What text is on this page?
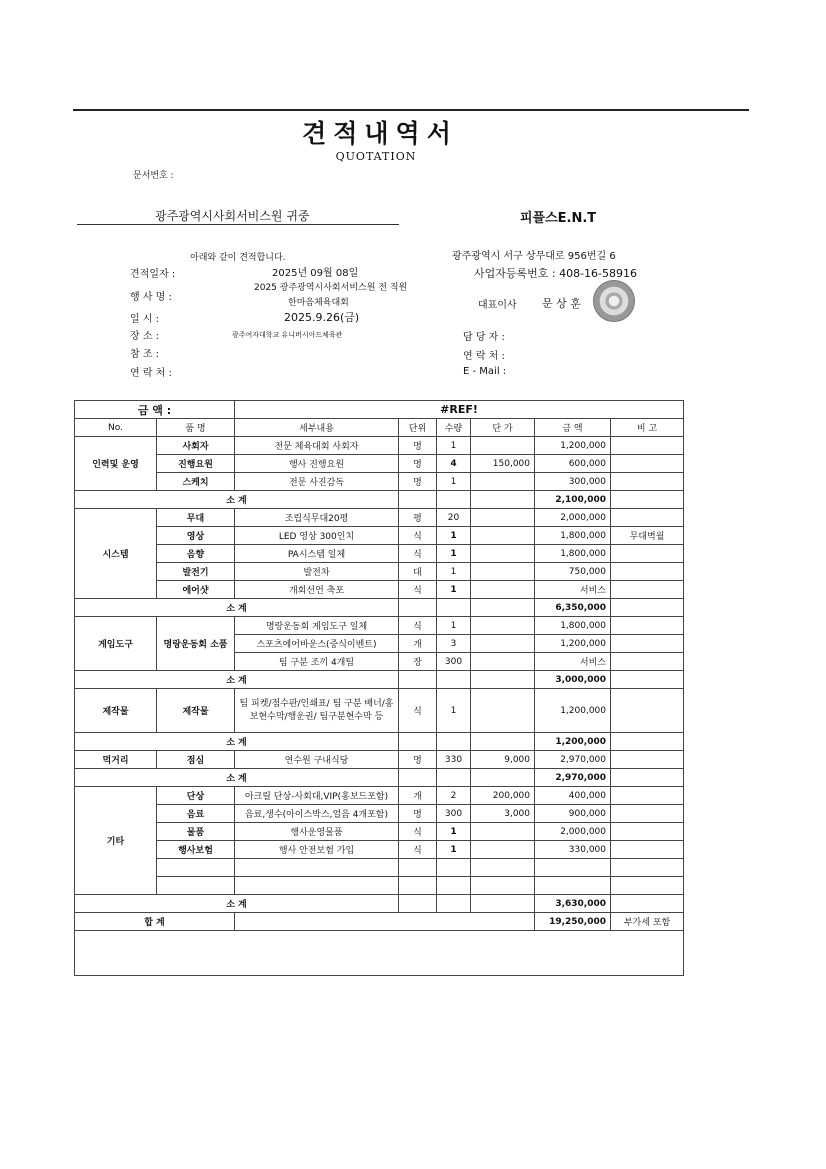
견적내역서
QUOTATION
문서번호 :
광주광역시사회서비스원 귀중	피플스E.N.T
아래와 같이 견적합니다.
견적일자 :	2025년 09월 08일
행 사 명 :
2025 광주광역시사회서비스원 전 직원
한마음체육대회
일 시 :	2025.9.26(금)
장 소 :	광주여자대학교 유니버시아드체육관
참 조 :
연 락 처 :
광주광역시 서구 상무대로 956번길 6
사업자등록번호 : 408-16-58916
대표이사 문 상 훈
담 당 자 :
연 락 처 :
E - Mail :
금 액 :		#REF!					
No.	품 명	세부내용	단위	수량	단 가	금 액	비 고
인력및 운영	사회자	전문 체육대회 사회자	명	1		1,200,000	
	진행요원	행사 진행요원	명	4	150,000	600,000	
	스케치	전문 사진감독	명	1		300,000	
소 계						2,100,000	
시스템	무대	조립식무대20평	평	20		2,000,000	
	영상	LED 영상 300인치	식	1		1,800,000	무대벽월
	음향	PA시스템 일체	식	1		1,800,000	
	발전기	발전차	대	1		750,000	
	에어샷	개회선언 축포	식	1		서비스	
소 계						6,350,000	
게임도구	명랑운동회 소품	명랑운동회 게임도구 일체	식	1		1,800,000	
		스포츠에어바운스(중식이벤트)	개	3		1,200,000	
		팀 구분 조끼 4개팀	장	300		서비스	
소 계						3,000,000	
제작물	제작물	팀 피켓/점수판/인쇄표/ 팀 구분 배너/홍보현수막/행운권/ 팀구분현수막 등	식	1		1,200,000	
소 계						1,200,000	
먹거리	점심	연수원 구내식당	명	330	9,000	2,970,000	
소 계						2,970,000	
기타	단상	아크릴 단상-사회대,VIP(홍보드포함)	개	2	200,000	400,000	
	음료	음료,생수(아이스박스,얼음 4개포함)	명	300	3,000	900,000	
	물품	행사운영물품	식	1		2,000,000	
	행사보험	행사 안전보험 가입	식	1		330,000	

소 계						3,630,000	
합 계						19,250,000	부가세 포함
